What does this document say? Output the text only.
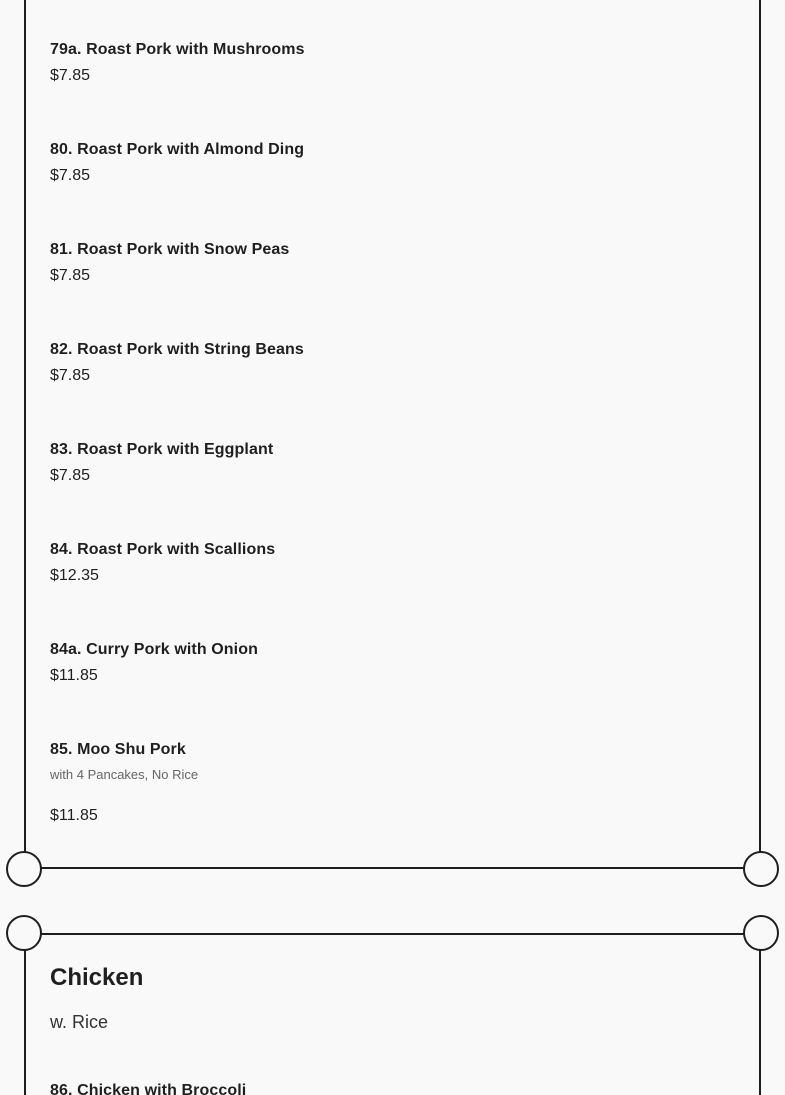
79a. Roast Pork with Mushrooms
$7.85
80. Roast Pork with Almond Ding
$7.85
81. Roast Pork with Snow Peas
$7.85
82. Roast Pork with String Beans
$7.85
83. Roast Pork with Eggplant
$7.85
84. Roast Pork with Scallions
$12.35
84a. Curry Pork with Onion
$11.85
85. Moo Shu Pork
with 4 Pancakes, No Rice
$11.85
Chicken
w. Rice
86. Chicken with Broccoli
